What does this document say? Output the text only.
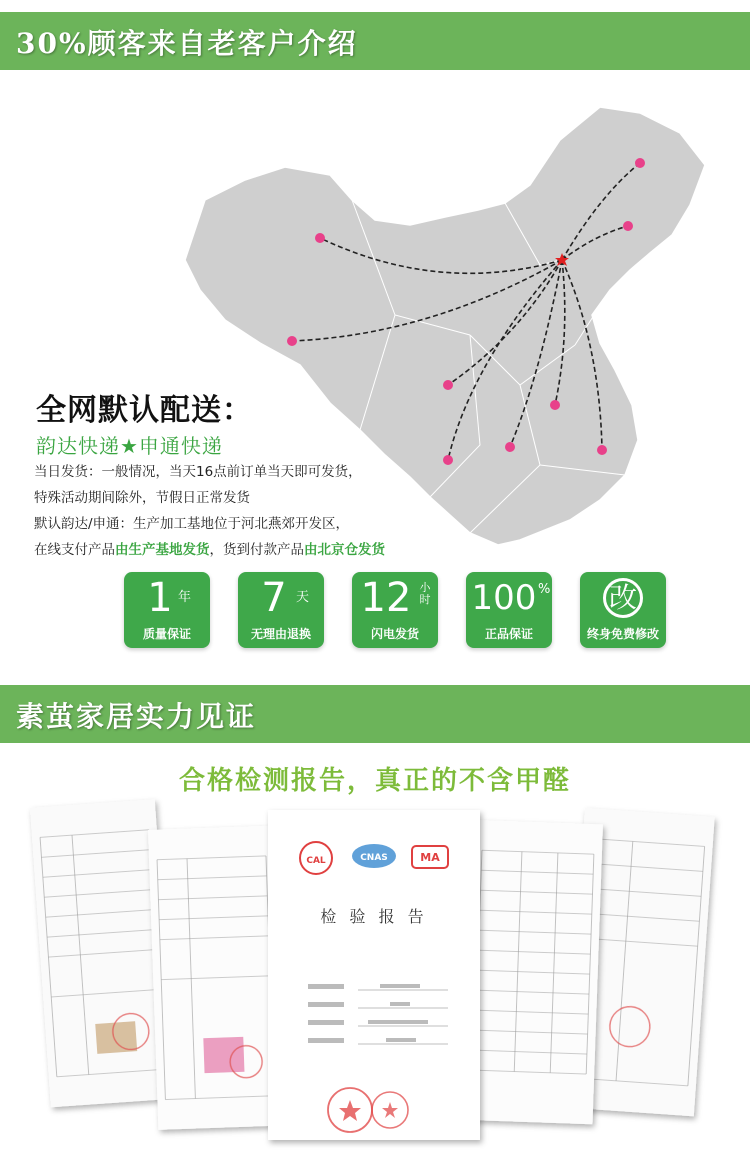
30%顾客来自老客户介绍
全网默认配送：
韵达快递★申通快递
当日发货：一般情况，当天16点前订单当天即可发货，
特殊活动期间除外，节假日正常发货
默认韵达/申通：生产加工基地位于河北燕郊开发区，
在线支付产品由生产基地发货，货到付款产品由北京仓发货
1 年
质量保证
7 天
无理由退换
12 小时
闪电发货
100 %
正品保证
改
终身免费修改
素茧家居实力见证
合格检测报告，真正的不含甲醛
CAL	CNAS	MA
检 验 报 告
